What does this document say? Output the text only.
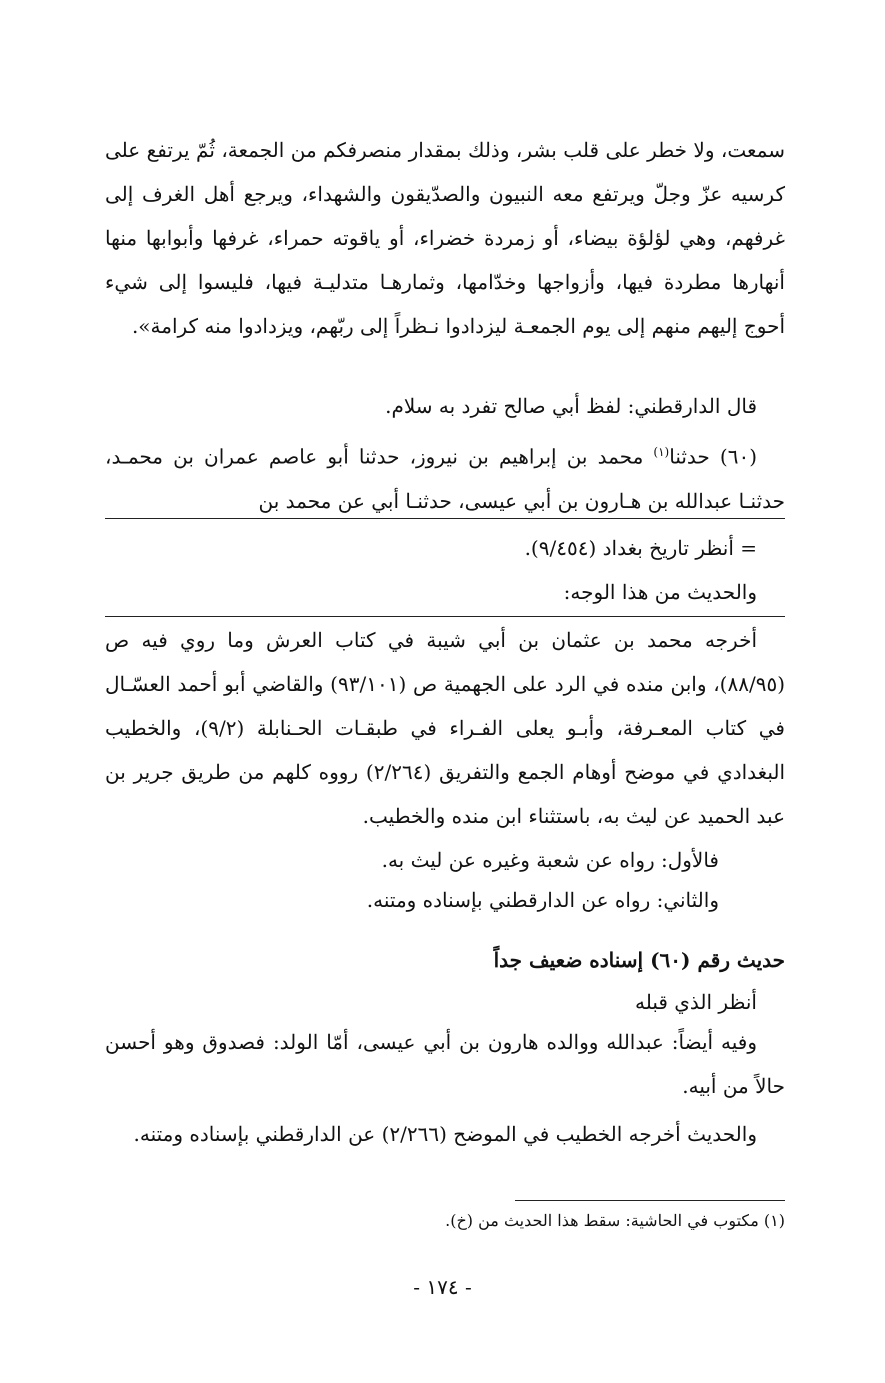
سمعت، ولا خطر على قلب بشر، وذلك بمقدار منصرفكم من الجمعة، ثُمّ يرتفع على كرسيه عزّ وجلّ ويرتفع معه النبيون والصدّيقون والشهداء، ويرجع أهل الغرف إلى غرفهم، وهي لؤلؤة بيضاء، أو زمردة خضراء، أو ياقوته حمراء، غرفها وأبوابها منها أنهارها مطردة فيها، وأزواجها وخدّامها، وثمارهـا متدليـة فيها، فليسوا إلى شيء أحوج إليهم منهم إلى يوم الجمعـة ليزدادوا نـظراً إلى ربّهم، ويزدادوا منه كرامة».

قال الدارقطني: لفظ أبي صالح تفرد به سلام.

(٦٠) حدثنا$^{(١)}$ محمد بن إبراهيم بن نيروز، حدثنا أبو عاصم عمران بن محمـد، حدثنـا عبدالله بن هـارون بن أبي عيسى، حدثنـا أبي عن محمد بن

= أنظر تاريخ بغداد (٩/٤٥٤).
والحديث من هذا الوجه:

أخرجه محمد بن عثمان بن أبي شيبة في كتاب العرش وما روي فيه ص (٨٨/٩٥)، وابن منده في الرد على الجهمية ص (٩٣/١٠١) والقاضي أبو أحمد العسّـال في كتاب المعـرفة، وأبـو يعلى الفـراء في طبقـات الحـنابلة (٩/٢)، والخطيب البغدادي في موضح أوهام الجمع والتفريق (٢/٢٦٤) رووه كلهم من طريق جرير بن عبد الحميد عن ليث به، باستثناء ابن منده والخطيب.

فالأول: رواه عن شعبة وغيره عن ليث به.
والثاني: رواه عن الدارقطني بإسناده ومتنه.
حديث رقم (٦٠) إسناده ضعيف جداً
أنظر الذي قبله

وفيه أيضاً: عبدالله ووالده هارون بن أبي عيسى، أمّا الولد: فصدوق وهو أحسن حالاً من أبيه.

والحديث أخرجه الخطيب في الموضح (٢/٢٦٦) عن الدارقطني بإسناده ومتنه.

(١) مكتوب في الحاشية: سقط هذا الحديث من (خ).
- ١٧٤ -
